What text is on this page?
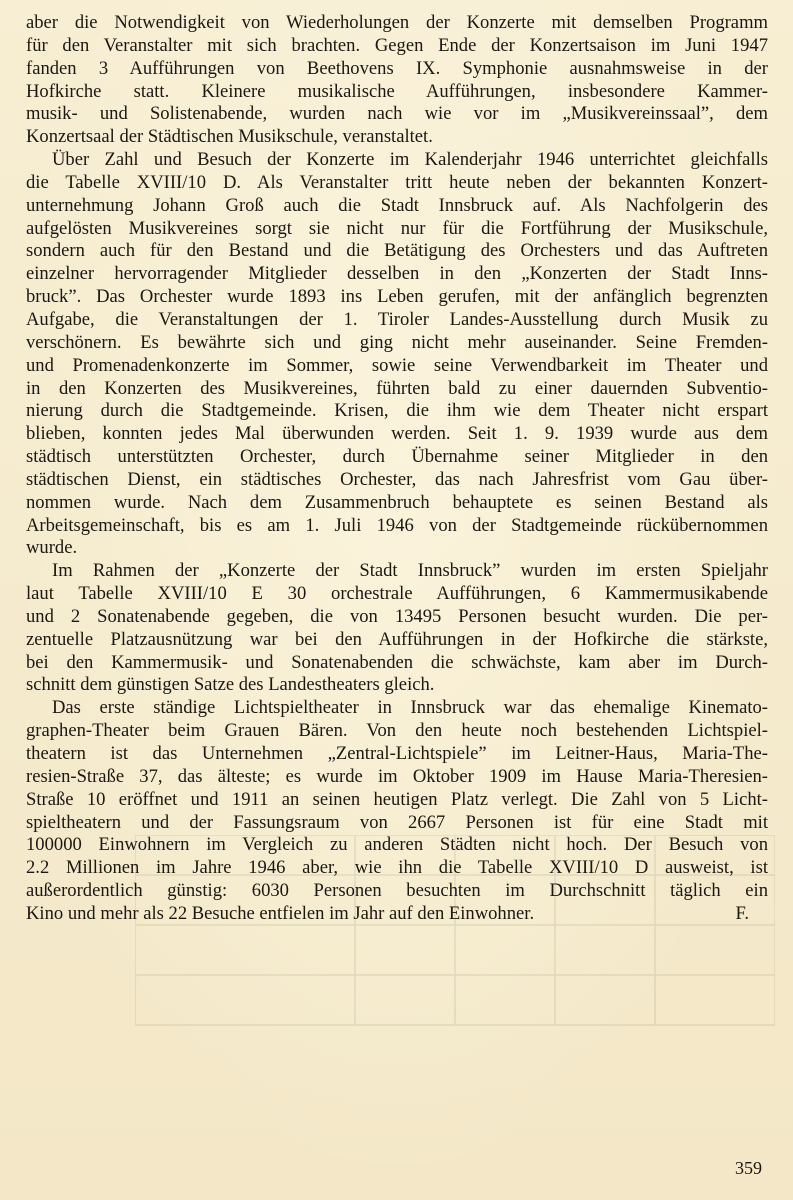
aber die Notwendigkeit von Wiederholungen der Konzerte mit demselben Programm
für den Veranstalter mit sich brachten. Gegen Ende der Konzertsaison im Juni 1947
fanden 3 Aufführungen von Beethovens IX. Symphonie ausnahmsweise in der
Hofkirche statt. Kleinere musikalische Aufführungen, insbesondere Kammer-
musik- und Solistenabende, wurden nach wie vor im „Musikvereinssaal”, dem
Konzertsaal der Städtischen Musikschule, veranstaltet.
Über Zahl und Besuch der Konzerte im Kalenderjahr 1946 unterrichtet gleichfalls
die Tabelle XVIII/10 D. Als Veranstalter tritt heute neben der bekannten Konzert-
unternehmung Johann Groß auch die Stadt Innsbruck auf. Als Nachfolgerin des
aufgelösten Musikvereines sorgt sie nicht nur für die Fortführung der Musikschule,
sondern auch für den Bestand und die Betätigung des Orchesters und das Auftreten
einzelner hervorragender Mitglieder desselben in den „Konzerten der Stadt Inns-
bruck”. Das Orchester wurde 1893 ins Leben gerufen, mit der anfänglich begrenzten
Aufgabe, die Veranstaltungen der 1. Tiroler Landes-Ausstellung durch Musik zu
verschönern. Es bewährte sich und ging nicht mehr auseinander. Seine Fremden-
und Promenadenkonzerte im Sommer, sowie seine Verwendbarkeit im Theater und
in den Konzerten des Musikvereines, führten bald zu einer dauernden Subventio-
nierung durch die Stadtgemeinde. Krisen, die ihm wie dem Theater nicht erspart
blieben, konnten jedes Mal überwunden werden. Seit 1. 9. 1939 wurde aus dem
städtisch unterstützten Orchester, durch Übernahme seiner Mitglieder in den
städtischen Dienst, ein städtisches Orchester, das nach Jahresfrist vom Gau über-
nommen wurde. Nach dem Zusammenbruch behauptete es seinen Bestand als
Arbeitsgemeinschaft, bis es am 1. Juli 1946 von der Stadtgemeinde rückübernommen
wurde.
Im Rahmen der „Konzerte der Stadt Innsbruck” wurden im ersten Spieljahr
laut Tabelle XVIII/10 E 30 orchestrale Aufführungen, 6 Kammermusikabende
und 2 Sonatenabende gegeben, die von 13495 Personen besucht wurden. Die per-
zentuelle Platzausnützung war bei den Aufführungen in der Hofkirche die stärkste,
bei den Kammermusik- und Sonatenabenden die schwächste, kam aber im Durch-
schnitt dem günstigen Satze des Landestheaters gleich.
Das erste ständige Lichtspieltheater in Innsbruck war das ehemalige Kinemato-
graphen-Theater beim Grauen Bären. Von den heute noch bestehenden Lichtspiel-
theatern ist das Unternehmen „Zentral-Lichtspiele” im Leitner-Haus, Maria-The-
resien-Straße 37, das älteste; es wurde im Oktober 1909 im Hause Maria-Theresien-
Straße 10 eröffnet und 1911 an seinen heutigen Platz verlegt. Die Zahl von 5 Licht-
spieltheatern und der Fassungsraum von 2667 Personen ist für eine Stadt mit
100000 Einwohnern im Vergleich zu anderen Städten nicht hoch. Der Besuch von
2.2 Millionen im Jahre 1946 aber, wie ihn die Tabelle XVIII/10 D ausweist, ist
außerordentlich günstig: 6030 Personen besuchten im Durchschnitt täglich ein
Kino und mehr als 22 Besuche entfielen im Jahr auf den Einwohner.	F.
359
